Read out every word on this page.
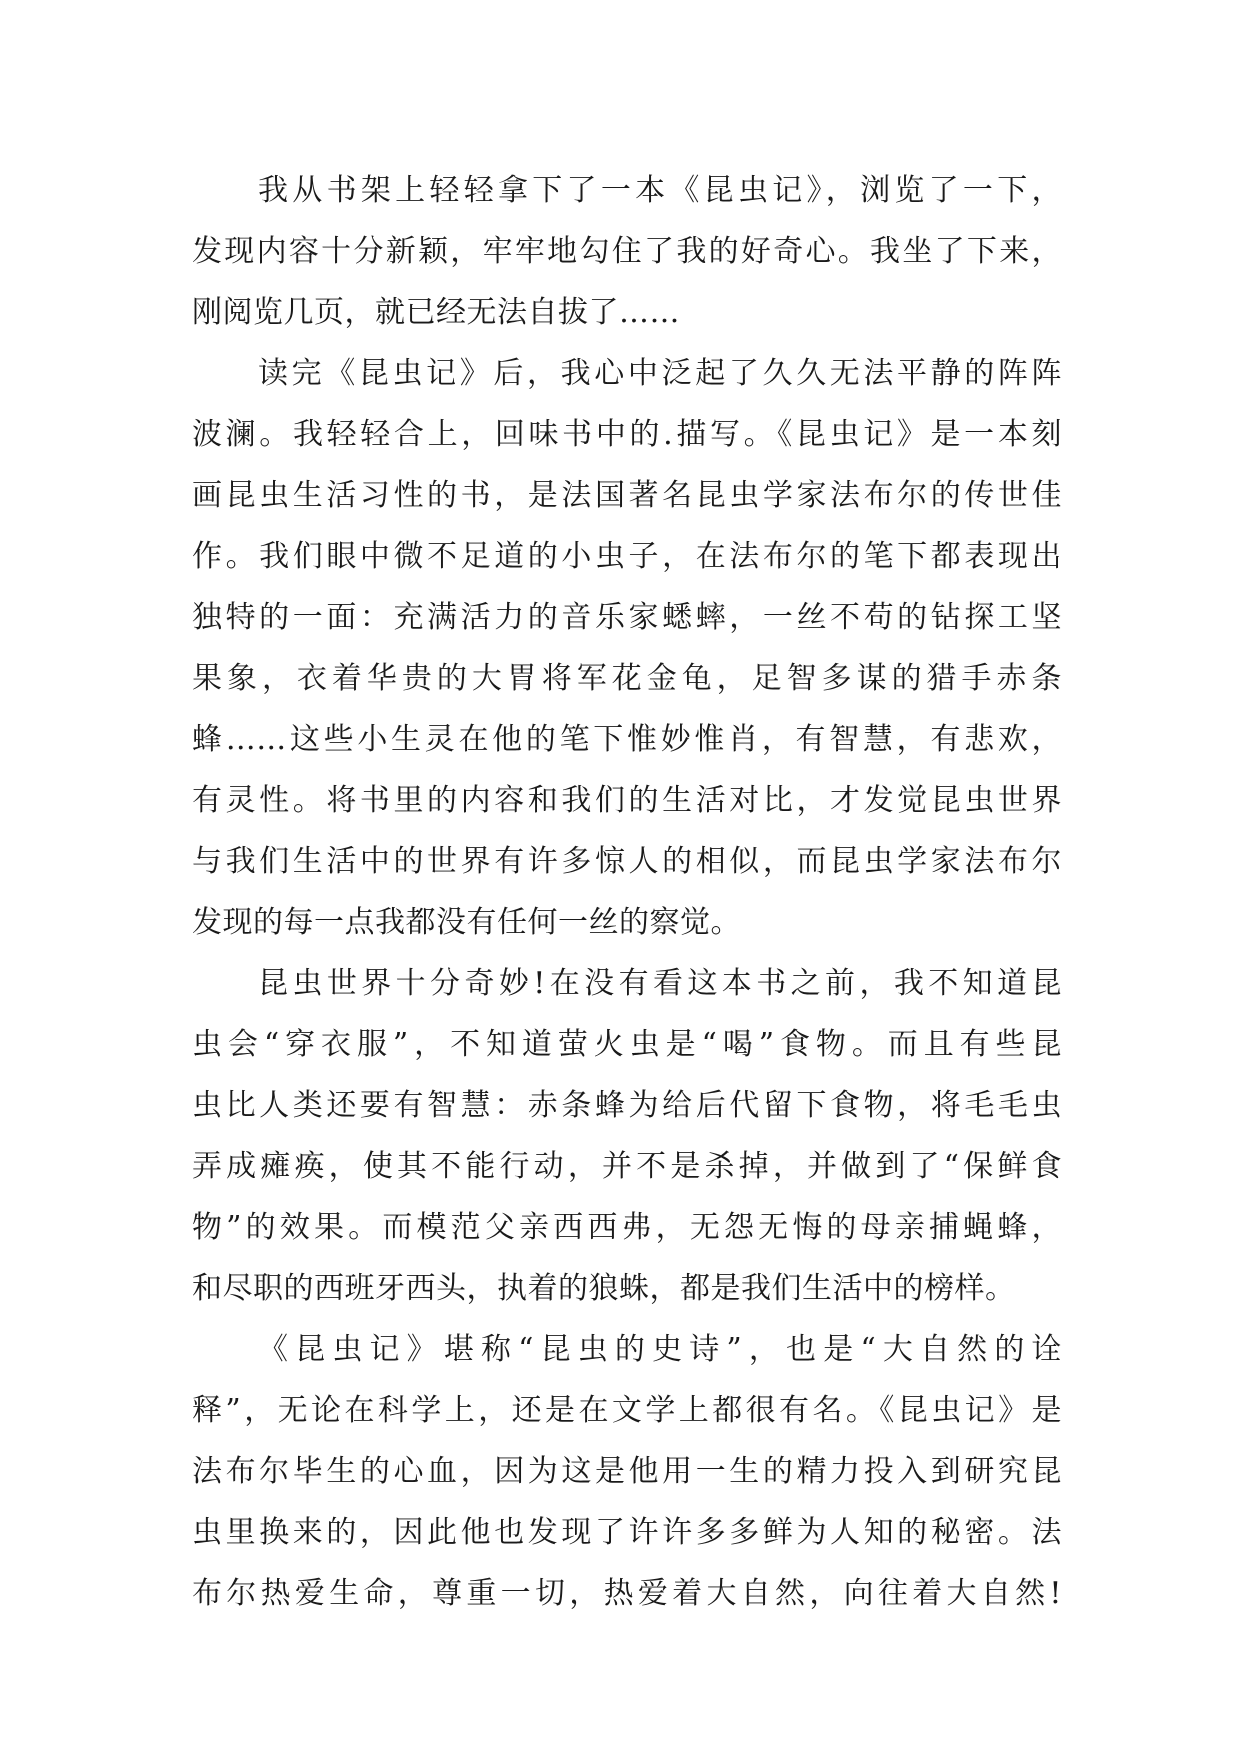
我从书架上轻轻拿下了一本《昆虫记》，浏览了一下，
发现内容十分新颖，牢牢地勾住了我的好奇心。我坐了下来，
刚阅览几页，就已经无法自拔了……
读完《昆虫记》后，我心中泛起了久久无法平静的阵阵
波澜。我轻轻合上，回味书中的.描写。《昆虫记》是一本刻
画昆虫生活习性的书，是法国著名昆虫学家法布尔的传世佳
作。我们眼中微不足道的小虫子，在法布尔的笔下都表现出
独特的一面：充满活力的音乐家蟋蟀，一丝不苟的钻探工坚
果象，衣着华贵的大胃将军花金龟，足智多谋的猎手赤条
蜂……这些小生灵在他的笔下惟妙惟肖，有智慧，有悲欢，
有灵性。将书里的内容和我们的生活对比，才发觉昆虫世界
与我们生活中的世界有许多惊人的相似，而昆虫学家法布尔
发现的每一点我都没有任何一丝的察觉。
昆虫世界十分奇妙!在没有看这本书之前，我不知道昆
虫会“穿衣服”，不知道萤火虫是“喝”食物。而且有些昆
虫比人类还要有智慧：赤条蜂为给后代留下食物，将毛毛虫
弄成瘫痪，使其不能行动，并不是杀掉，并做到了“保鲜食
物”的效果。而模范父亲西西弗，无怨无悔的母亲捕蝇蜂，
和尽职的西班牙西头，执着的狼蛛，都是我们生活中的榜样。
《昆虫记》堪称“昆虫的史诗”，也是“大自然的诠
释”，无论在科学上，还是在文学上都很有名。《昆虫记》是
法布尔毕生的心血，因为这是他用一生的精力投入到研究昆
虫里换来的，因此他也发现了许许多多鲜为人知的秘密。法
布尔热爱生命，尊重一切，热爱着大自然，向往着大自然!
